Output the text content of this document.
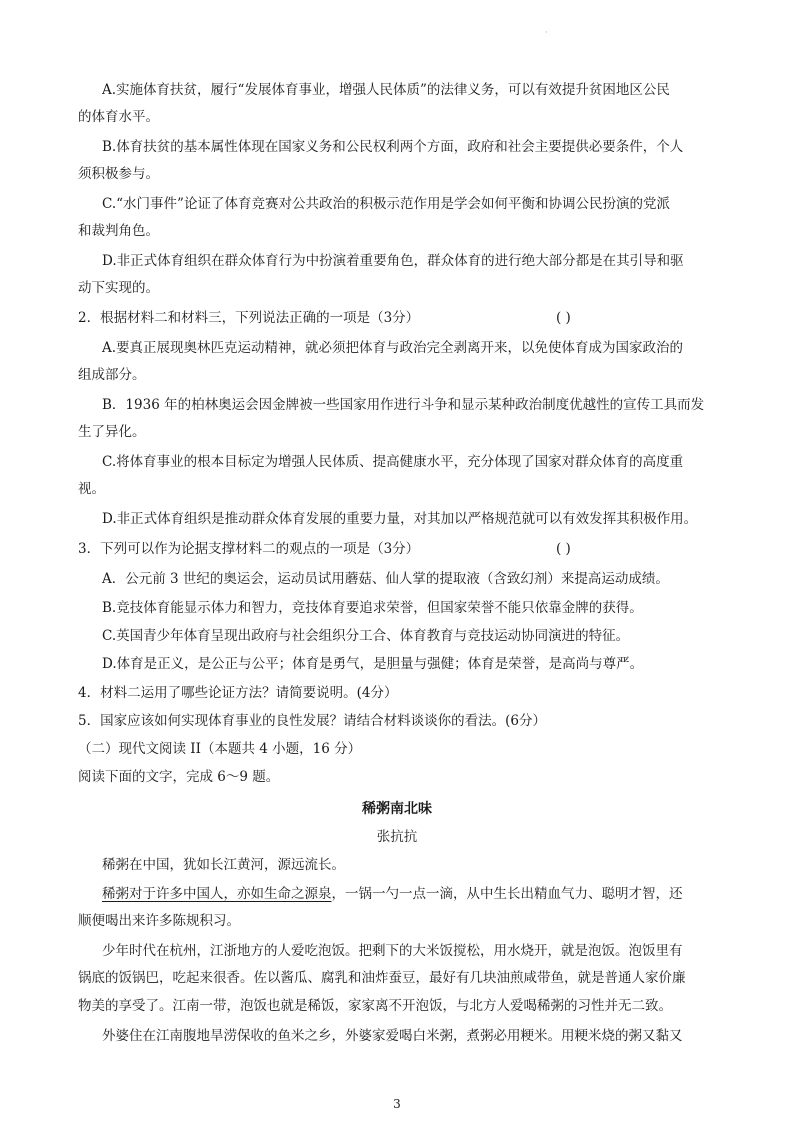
·
A.实施体育扶贫，履行“发展体育事业，增强人民体质”的法律义务，可以有效提升贫困地区公民
的体育水平。
B.体育扶贫的基本属性体现在国家义务和公民权利两个方面，政府和社会主要提供必要条件，个人
须积极参与。
C.“水门事件”论证了体育竞赛对公共政治的积极示范作用是学会如何平衡和协调公民扮演的党派
和裁判角色。
D.非正式体育组织在群众体育行为中扮演着重要角色，群众体育的进行绝大部分都是在其引导和驱
动下实现的。
2．根据材料二和材料三，下列说法正确的一项是（3分）	( )
A.要真正展现奥林匹克运动精神，就必须把体育与政治完全剥离开来，以免使体育成为国家政治的
组成部分。
B．1936 年的柏林奥运会因金牌被一些国家用作进行斗争和显示某种政治制度优越性的宣传工具而发
生了异化。
C.将体育事业的根本目标定为增强人民体质、提高健康水平，充分体现了国家对群众体育的高度重
视。
D.非正式体育组织是推动群众体育发展的重要力量，对其加以严格规范就可以有效发挥其积极作用。
3．下列可以作为论据支撑材料二的观点的一项是（3分）	( )
A．公元前 3 世纪的奥运会，运动员试用蘑菇、仙人掌的提取液（含致幻剂）来提高运动成绩。
B.竞技体育能显示体力和智力，竞技体育要追求荣誉，但国家荣誉不能只依靠金牌的获得。
C.英国青少年体育呈现出政府与社会组织分工合、体育教育与竞技运动协同演进的特征。
D.体育是正义，是公正与公平；体育是勇气，是胆量与强健；体育是荣誉，是高尚与尊严。
4．材料二运用了哪些论证方法？请简要说明。(4分）
5．国家应该如何实现体育事业的良性发展？请结合材料谈谈你的看法。(6分）
（二）现代文阅读 II（本题共 4 小题，16 分）
阅读下面的文字，完成 6～9 题。
稀粥南北味
张抗抗
稀粥在中国，犹如长江黄河，源远流长。
稀粥对于许多中国人，亦如生命之源泉，一锅一勺一点一滴，从中生长出精血气力、聪明才智，还
顺便喝出来许多陈规积习。
少年时代在杭州，江浙地方的人爱吃泡饭。把剩下的大米饭搅松，用水烧开，就是泡饭。泡饭里有
锅底的饭锅巴，吃起来很香。佐以酱瓜、腐乳和油炸蚕豆，最好有几块油煎咸带鱼，就是普通人家价廉
物美的享受了。江南一带，泡饭也就是稀饭，家家离不开泡饭，与北方人爱喝稀粥的习性并无二致。
外婆住在江南腹地旱涝保收的鱼米之乡，外婆家爱喝白米粥，煮粥必用粳米。用粳米烧的粥又黏又
3
